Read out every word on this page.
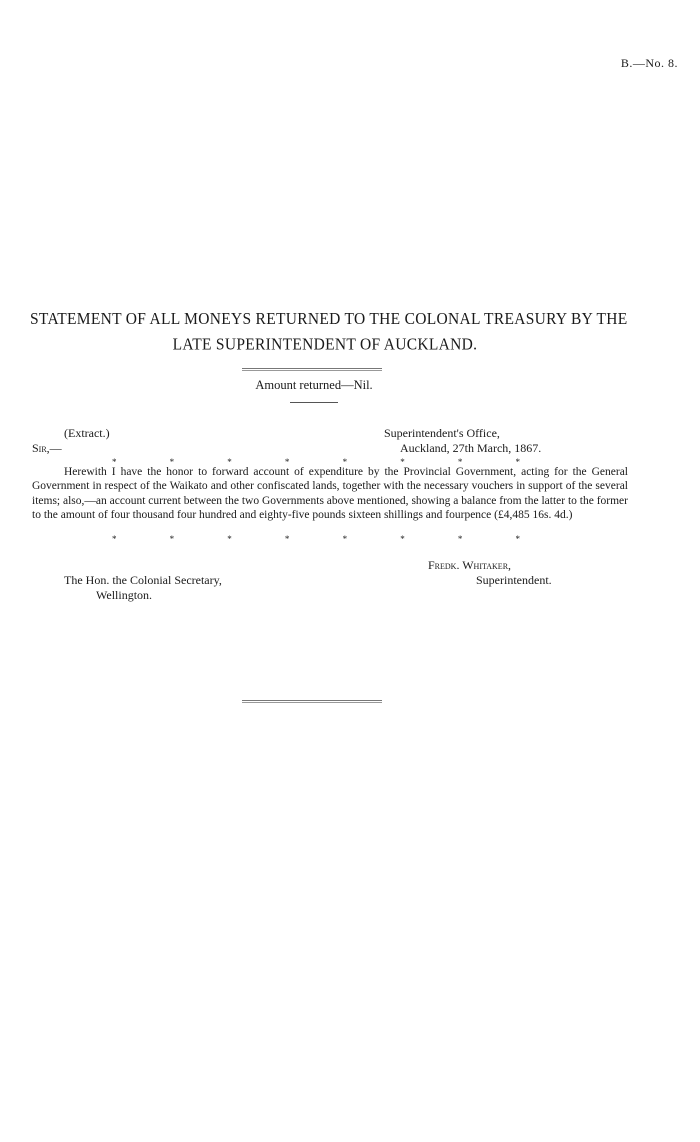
B.—No. 8.
STATEMENT OF ALL MONEYS RETURNED TO THE COLONAL TREASURY BY THE
LATE SUPERINTENDENT OF AUCKLAND.
Amount returned—Nil.
(Extract.)	Superintendent's Office,
Sir,—	Auckland, 27th March, 1867.
*	*	*	*	*	*	*	*
Herewith I have the honor to forward account of expenditure by the Provincial Government, acting for the General Government in respect of the Waikato and other confiscated lands, together with the necessary vouchers in support of the several items; also,—an account current between the two Governments above mentioned, showing a balance from the latter to the former to the amount of four thousand four hundred and eighty-five pounds sixteen shillings and fourpence (£4,485 16s. 4d.)
*	*	*	*	*	*	*	*
Fredk. Whitaker,
The Hon. the Colonial Secretary,	Superintendent.
Wellington.
